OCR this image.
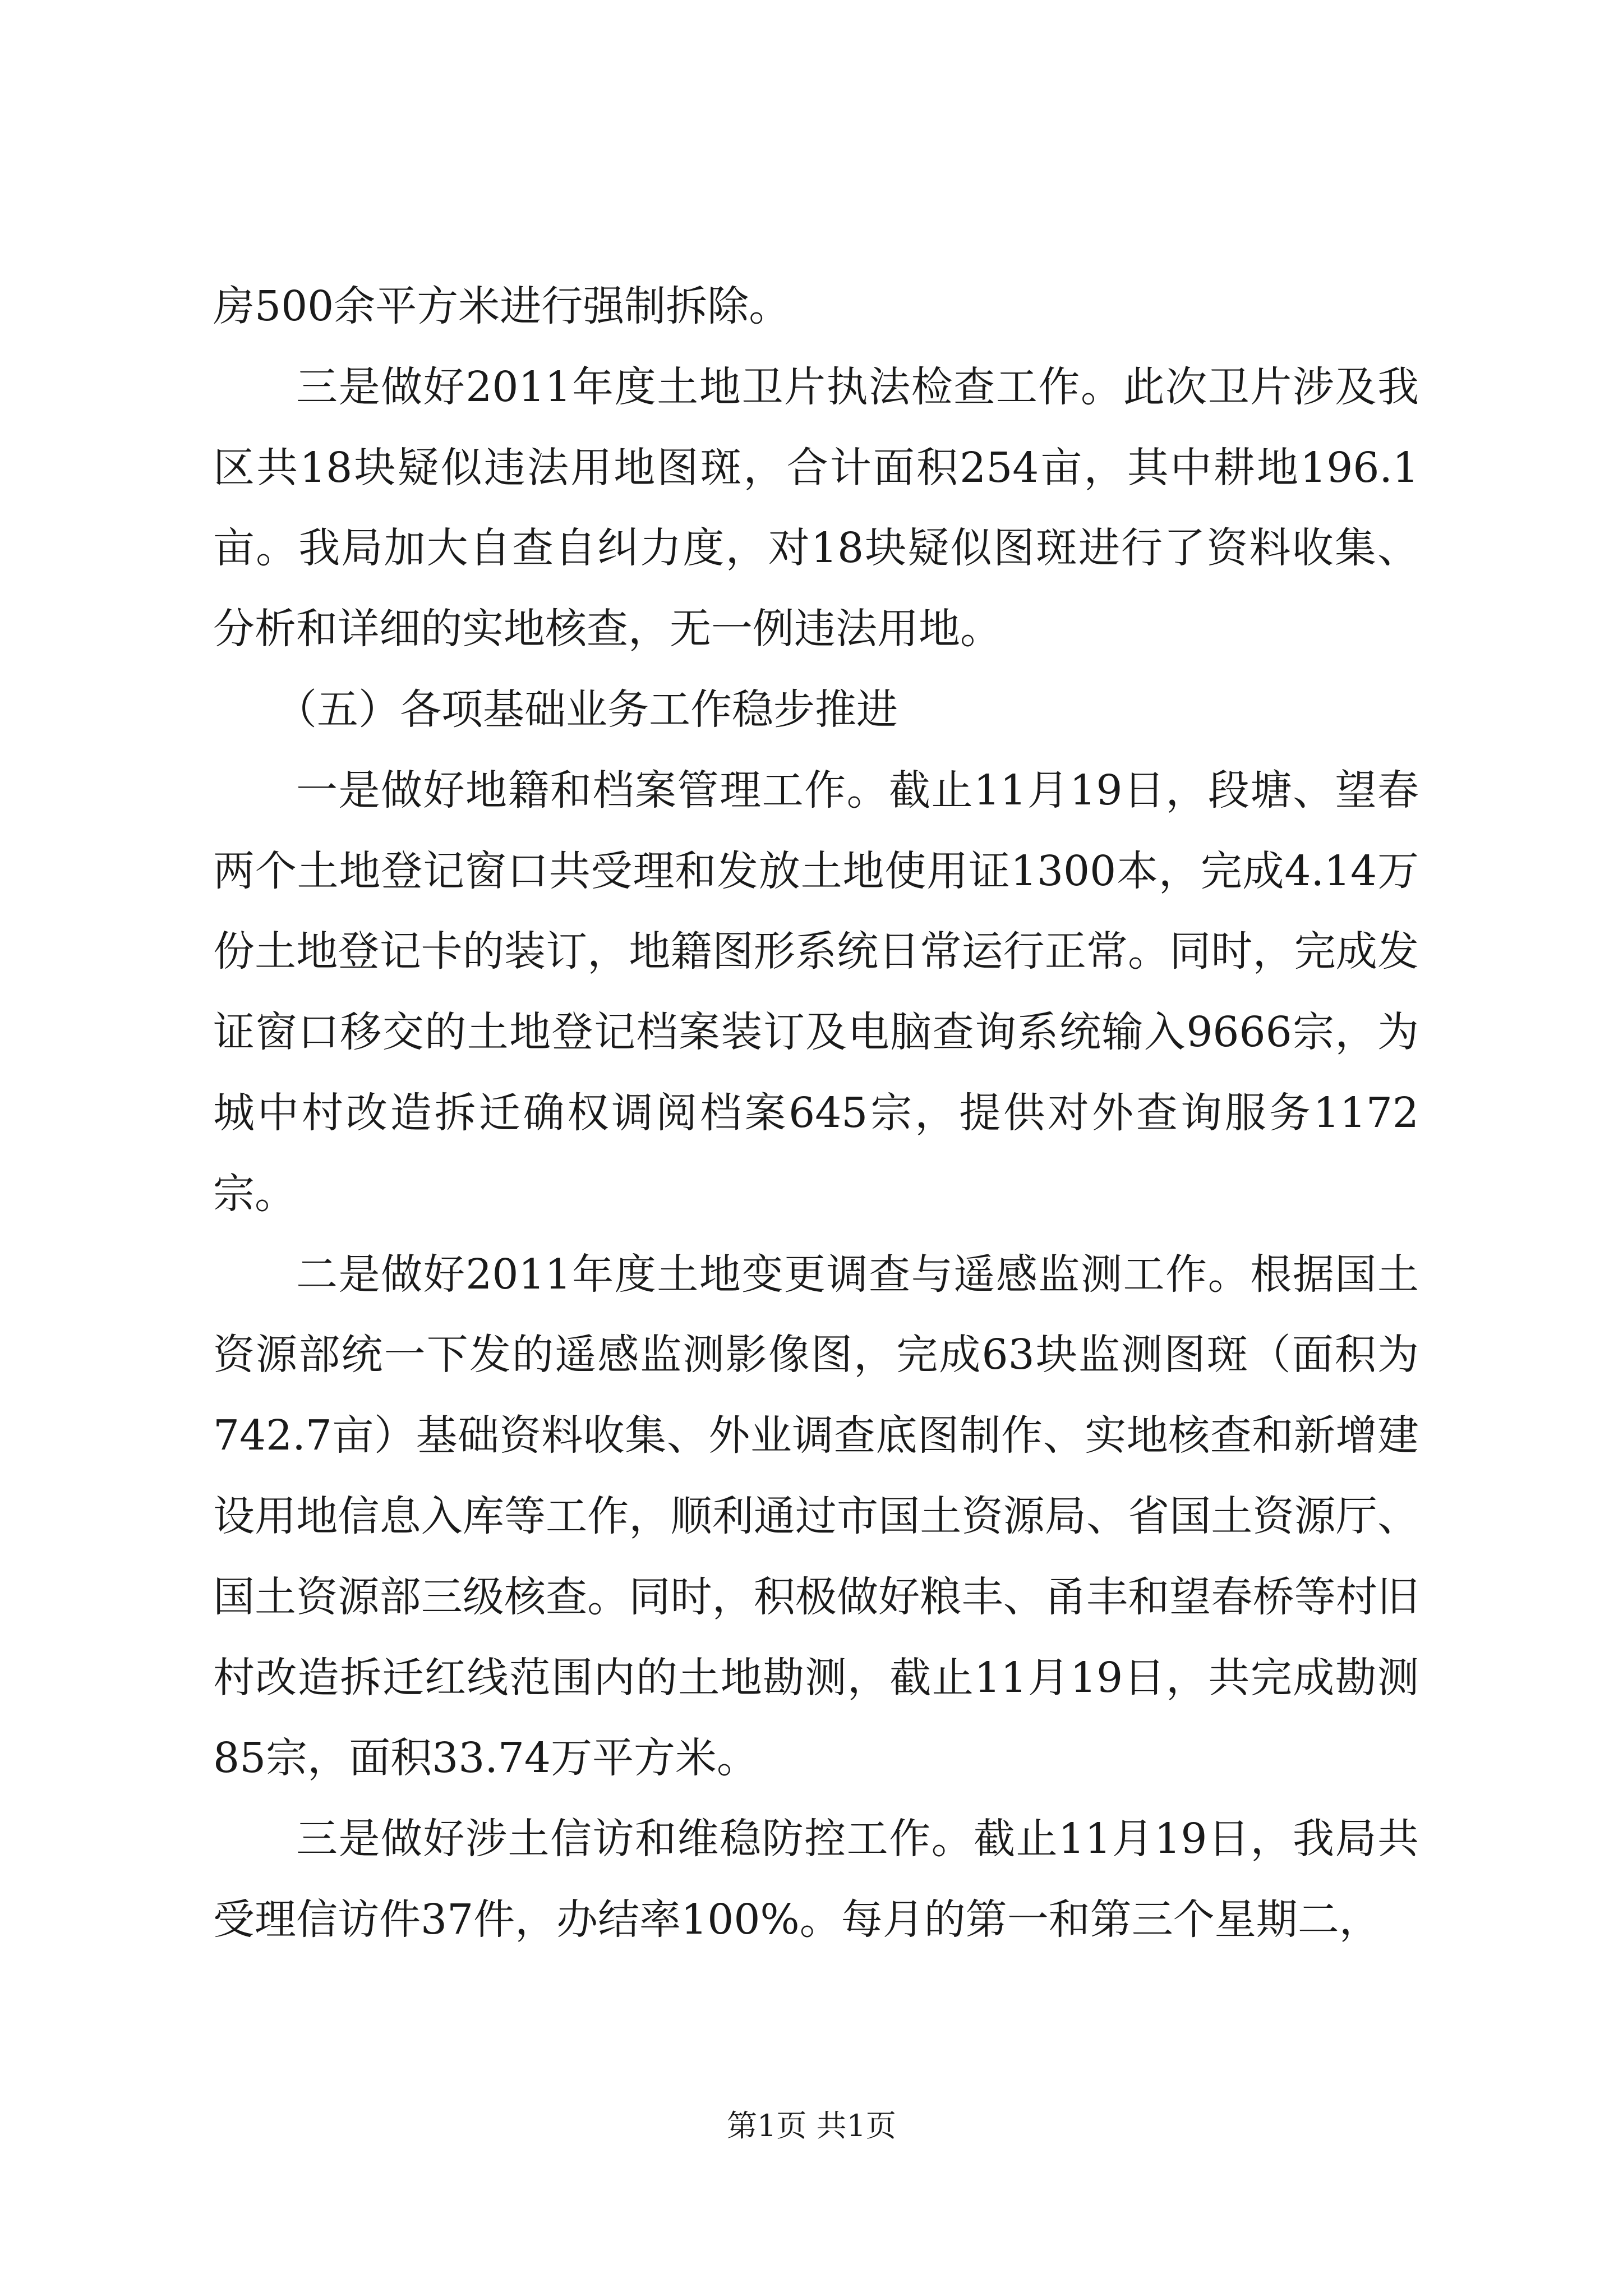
房500余平方米进行强制拆除。

三是做好2011年度土地卫片执法检查工作。此次卫片涉及我区共18块疑似违法用地图斑，合计面积254亩，其中耕地196.1亩。我局加大自查自纠力度，对18块疑似图斑进行了资料收集、分析和详细的实地核查，无一例违法用地。

（五）各项基础业务工作稳步推进

一是做好地籍和档案管理工作。截止11月19日，段塘、望春两个土地登记窗口共受理和发放土地使用证1300本，完成4.14万份土地登记卡的装订，地籍图形系统日常运行正常。同时，完成发证窗口移交的土地登记档案装订及电脑查询系统输入9666宗，为城中村改造拆迁确权调阅档案645宗，提供对外查询服务1172宗。

二是做好2011年度土地变更调查与遥感监测工作。根据国土资源部统一下发的遥感监测影像图，完成63块监测图斑（面积为742.7亩）基础资料收集、外业调查底图制作、实地核查和新增建设用地信息入库等工作，顺利通过市国土资源局、省国土资源厅、国土资源部三级核查。同时，积极做好粮丰、甬丰和望春桥等村旧村改造拆迁红线范围内的土地勘测，截止11月19日，共完成勘测85宗，面积33.74万平方米。

三是做好涉土信访和维稳防控工作。截止11月19日，我局共受理信访件37件，办结率100%。每月的第一和第三个星期二，

第1页 共1页
